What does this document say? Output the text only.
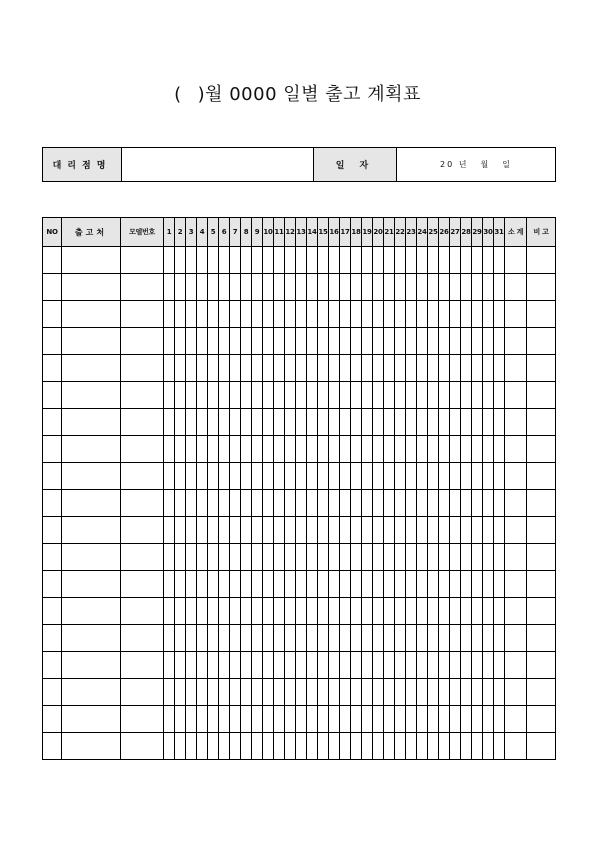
( )월 0000 일별 출고 계획표
대리점명		일 자	20 년 월 일
NO	출고처	모델번호	1	2	3	4	5	6	7	8	9	10	11	12	13	14	15	16	17	18	19	20	21	22	23	24	25	26	27	28	29	30	31	소 계	비 고
